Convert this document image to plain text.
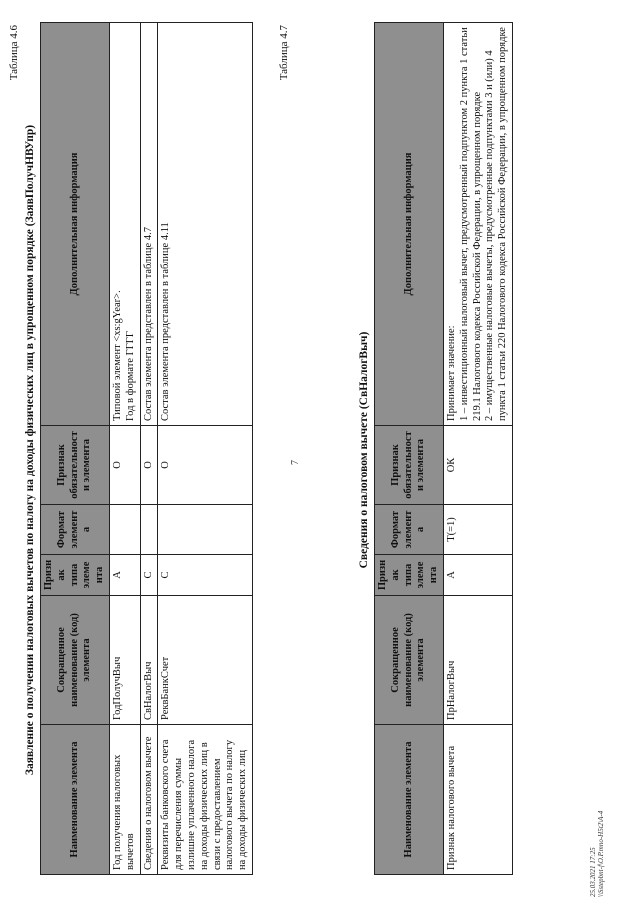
7
Таблица 4.6
Заявление о получении налоговых вычетов по налогу на доходы физических лиц в упрощенном порядке (ЗаявПолучНВУпр)
Наименование элемента	Сокращенное наименование (код) элемента	Признак типа элемента	Формат элемента	Признак обязательности элемента	Дополнительная информация
Год получения налоговых вычетов	ГодПолучВыч	А		О	Типовой элемент <xs:gYear>. Год в формате ГГГГ

Сведения о налоговом вычете	СвНалогВыч	С		О	Состав элемента представлен в таблице 4.7

Реквизиты банковского счета для перечисления суммы излишне уплаченного налога на доходы физических лиц в связи с предоставлением налогового вычета по налогу на доходы физических лиц	РеквБанкСчет	С		О	Состав элемента представлен в таблице 4.11
Таблица 4.7
Сведения о налоговом вычете (СвНалогВыч)
Наименование элемента	Сокращенное наименование (код) элемента	Признак типа элемента	Формат элемента	Признак обязательности элемента	Дополнительная информация
Признак налогового вычета	ПрНалогВыч	А	T(=1)	ОК	Принимает значение: 1 – инвестиционный налоговый вычет, предусмотренный подпунктом 2 пункта 1 статьи 219.1 Налогового кодекса Российской Федерации, в упрощенном порядке 2 – имущественные налоговые вычеты, предусмотренные подпунктами 3 и (или) 4 пункта 1 статьи 220 Налогового кодекса Российской Федерации, в упрощенном порядке
25.03.2021 17:25 \\Sstepbnt-f\O.P.mno-H5t2\A-4
